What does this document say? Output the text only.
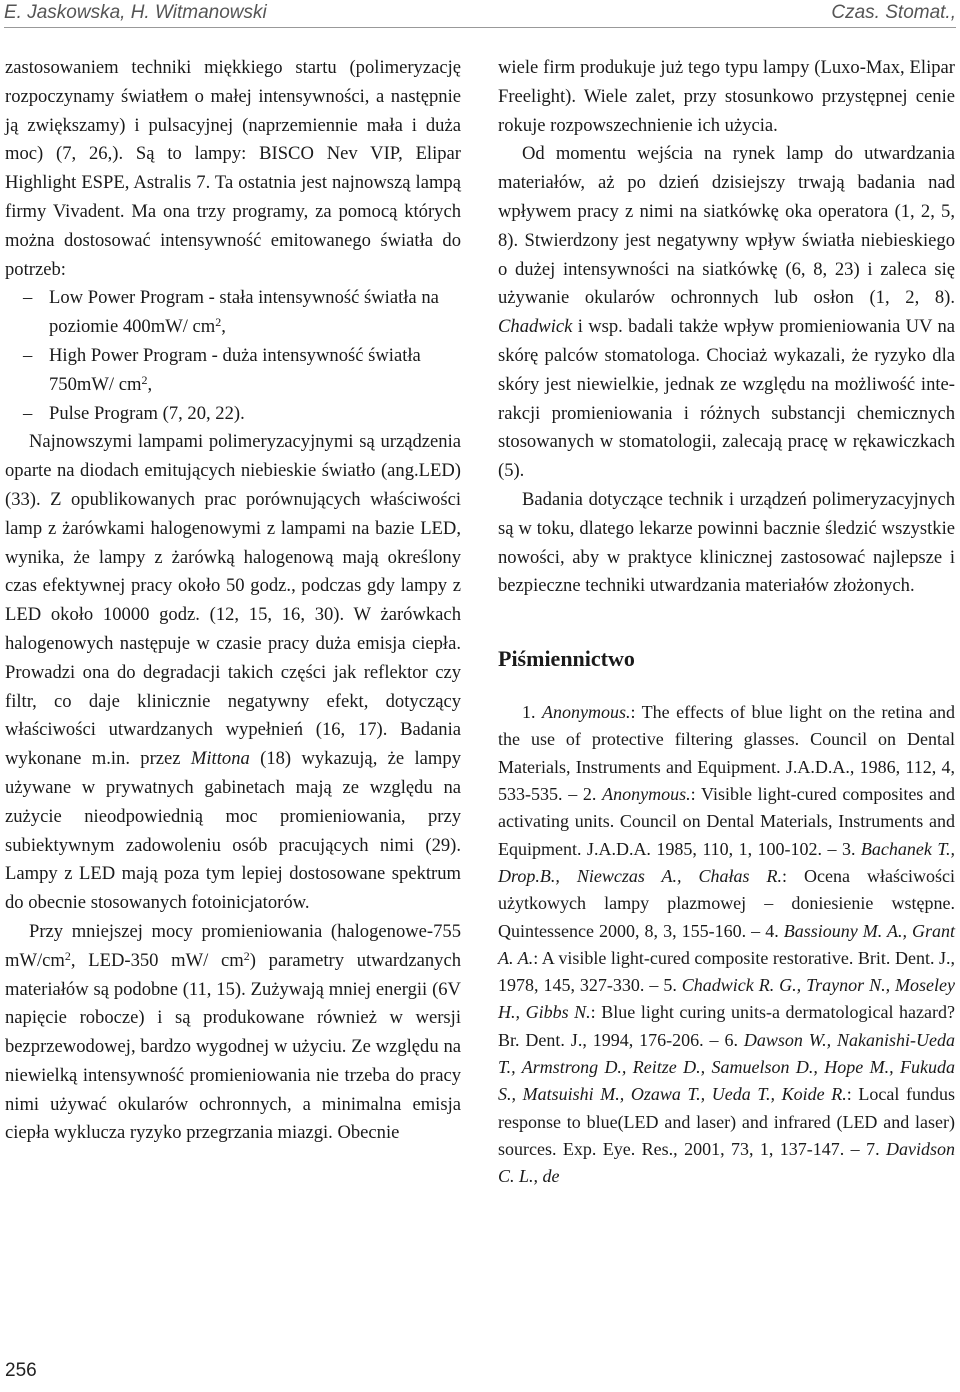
E. Jaskowska, H. Witmanowski	Czas. Stomat.,

zastosowaniem techniki miękkiego startu (polimeryzację rozpoczynamy światłem o małej intensywności, a następnie ją zwiększamy) i pulsacyjnej (naprzemiennie mała i duża moc) (7, 26,). Są to lampy: BISCO Nev VIP, Elipar Highlight ESPE, Astralis 7. Ta ostatnia jest najnowszą lampą firmy Vivadent. Ma ona trzy programy, za pomocą których można dostosować intensywność emitowanego światła do potrzeb:

– Low Power Program - stała intensywność światła na poziomie 400mW/ $cm^2$,
– High Power Program - duża intensywność światła 750mW/ $cm^2$,
– Pulse Program (7, 20, 22).

Najnowszymi lampami polimeryzacyjnymi są urządzenia oparte na diodach emitujących niebieskie światło (ang.LED)(33). Z opublikowanych prac porównujących właściwości lamp z żarówkami halogenowymi z lampami na bazie LED, wynika, że lampy z żarówką halogenową mają określony czas efektywnej pracy około 50 godz., podczas gdy lampy z LED około 10000 godz. (12, 15, 16, 30). W żarówkach halogenowych następuje w czasie pracy duża emisja ciepła. Prowadzi ona do degradacji takich części jak reflektor czy filtr, co daje klinicznie negatywny efekt, dotyczący właściwości utwardzanych wypełnień (16, 17). Badania wykonane m.in. przez Mittona (18) wykazują, że lampy używane w prywatnych gabinetach mają ze względu na zużycie nieodpowiednią moc promieniowania, przy subiektywnym zadowoleniu osób pracujących nimi (29). Lampy z LED mają poza tym lepiej dostosowane spektrum do obecnie stosowanych fotoinicjatorów.

Przy mniejszej mocy promieniowania (halogenowe-755 $mW/cm^2$, LED-350 mW/ $cm^2$) parametry utwardzanych materiałów są podobne (11, 15). Zużywają mniej energii (6V napięcie robocze) i są produkowane również w wersji bezprzewodowej, bardzo wygodnej w użyciu. Ze względu na niewielką intensywność promieniowania nie trzeba do pracy nimi używać okularów ochronnych, a minimalna emisja ciepła wyklucza ryzyko przegrzania miazgi. Obecnie

wiele firm produkuje już tego typu lampy (Luxo-Max, Elipar Freelight). Wiele zalet, przy stosunkowo przystępnej cenie rokuje rozpowszechnienie ich użycia.

Od momentu wejścia na rynek lamp do utwardzania materiałów, aż po dzień dzisiejszy trwają badania nad wpływem pracy z nimi na siatkówkę oka operatora (1, 2, 5, 8). Stwierdzony jest negatywny wpływ światła niebieskiego o dużej intensywności na siatkówkę (6, 8, 23) i zaleca się używanie okularów ochronnych lub osłon (1, 2, 8). Chadwick i wsp. badali także wpływ promieniowania UV na skórę palców stomatologa. Chociaż wykazali, że ryzyko dla skóry jest niewielkie, jednak ze względu na możliwość interakcji promieniowania i różnych substancji chemicznych stosowanych w stomatologii, zalecają pracę w rękawiczkach (5).

Badania dotyczące technik i urządzeń polimeryzacyjnych są w toku, dlatego lekarze powinni bacznie śledzić wszystkie nowości, aby w praktyce klinicznej zastosować najlepsze i bezpieczne techniki utwardzania materiałów złożonych.

Piśmiennictwo

1. Anonymous.: The effects of blue light on the retina and the use of protective filtering glasses. Council on Dental Materials, Instruments and Equipment. J.A.D.A., 1986, 112, 4, 533-535. – 2. Anonymous.: Visible light-cured composites and activating units. Council on Dental Materials, Instruments and Equipment. J.A.D.A. 1985, 110, 1, 100-102. – 3. Bachanek T., Drop.B., Niewczas A., Chałas R.: Ocena właściwości użytkowych lampy plazmowej – doniesienie wstępne. Quintessence 2000, 8, 3, 155-160. – 4. Bassiouny M. A., Grant A. A.: A visible light-cured composite restorative. Brit. Dent. J., 1978, 145, 327-330. – 5. Chadwick R. G., Traynor N., Moseley H., Gibbs N.: Blue light curing units-a dermatological hazard? Br. Dent. J., 1994, 176-206. – 6. Dawson W., Nakanishi-Ueda T., Armstrong D., Reitze D., Samuelson D., Hope M., Fukuda S., Matsuishi M., Ozawa T., Ueda T., Koide R.: Local fundus response to blue(LED and laser) and infrared (LED and laser) sources. Exp. Eye. Res., 2001, 73, 1, 137-147. – 7. Davidson C. L., de

256
